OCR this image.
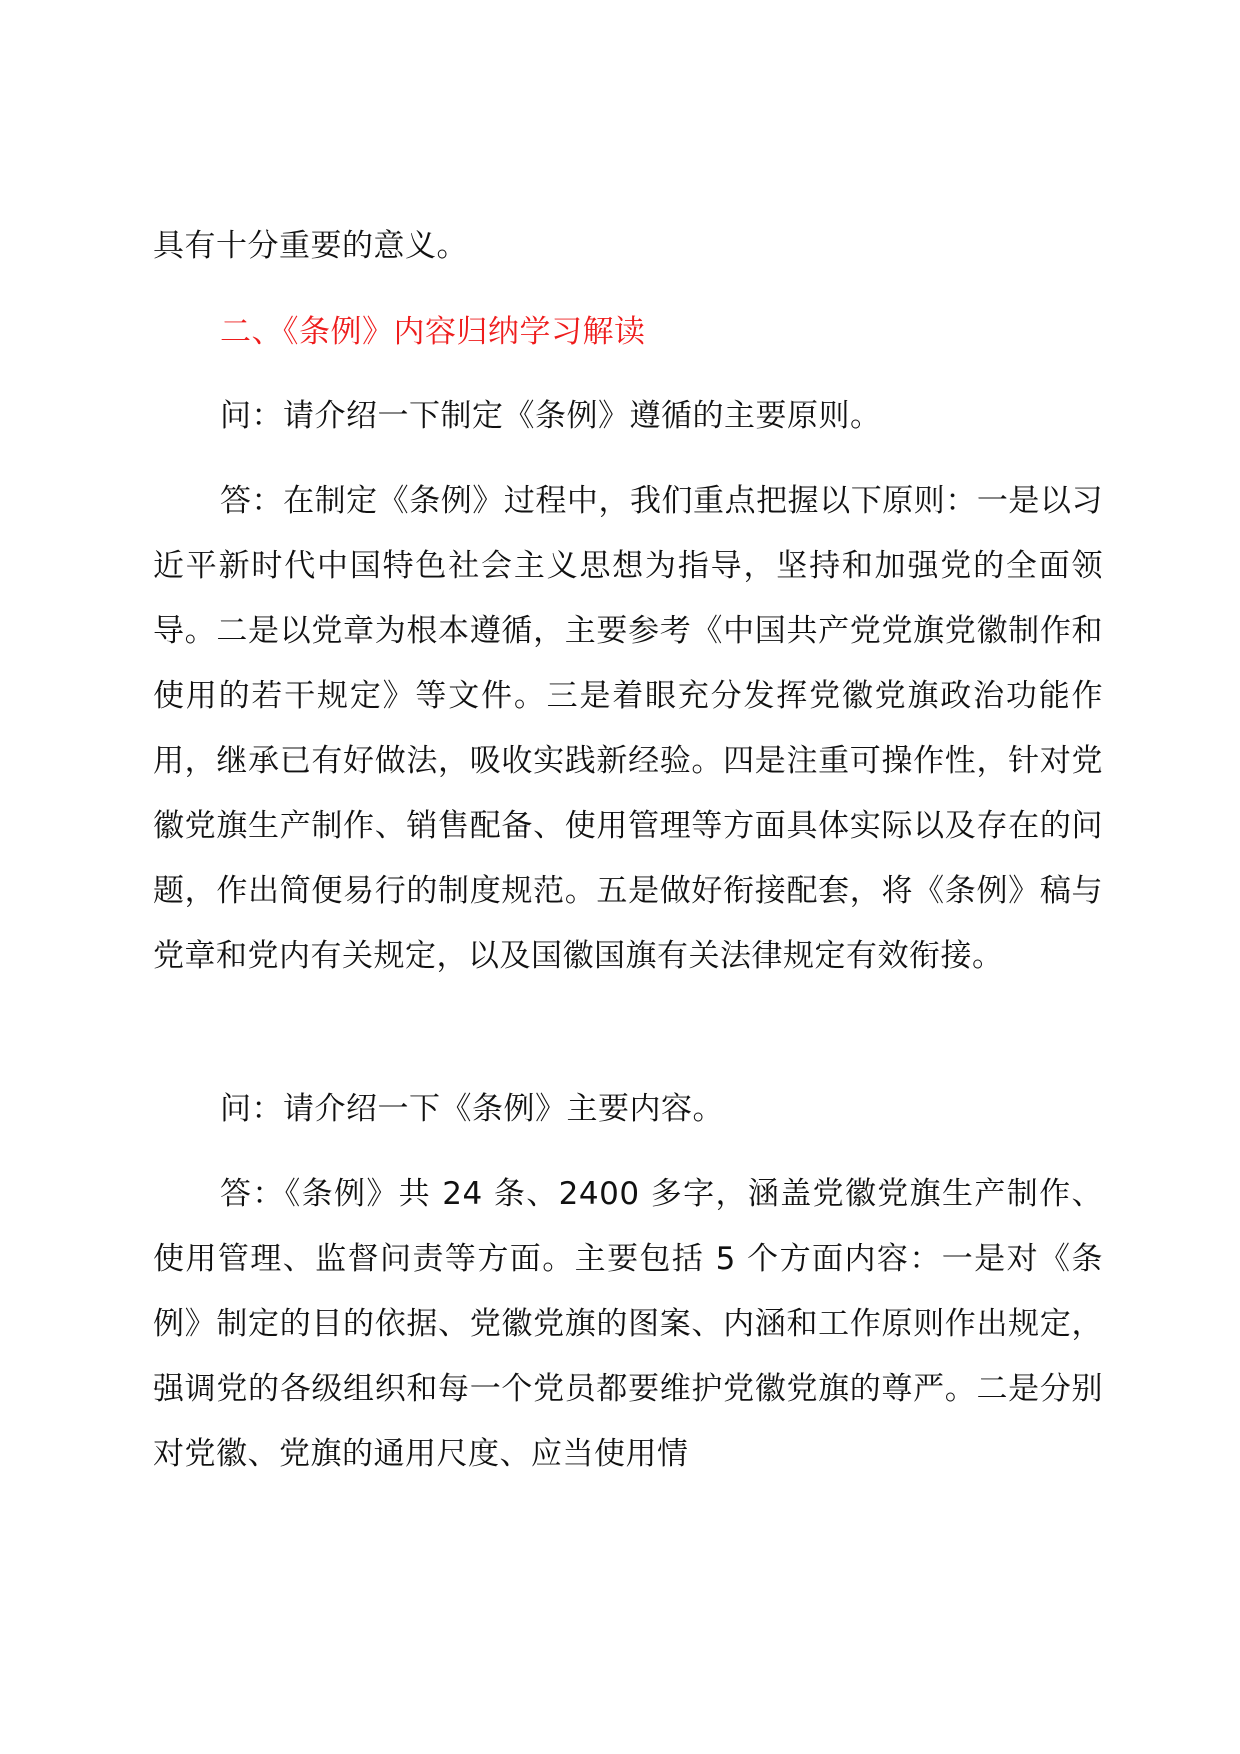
具有十分重要的意义。
二、《条例》内容归纳学习解读
问：请介绍一下制定《条例》遵循的主要原则。
答：在制定《条例》过程中，我们重点把握以下原则：一是以习近平新时代中国特色社会主义思想为指导，坚持和加强党的全面领导。二是以党章为根本遵循，主要参考《中国共产党党旗党徽制作和使用的若干规定》等文件。三是着眼充分发挥党徽党旗政治功能作用，继承已有好做法，吸收实践新经验。四是注重可操作性，针对党徽党旗生产制作、销售配备、使用管理等方面具体实际以及存在的问题，作出简便易行的制度规范。五是做好衔接配套，将《条例》稿与党章和党内有关规定，以及国徽国旗有关法律规定有效衔接。
问：请介绍一下《条例》主要内容。
答：《条例》共 24 条、2400 多字，涵盖党徽党旗生产制作、使用管理、监督问责等方面。主要包括 5 个方面内容：一是对《条例》制定的目的依据、党徽党旗的图案、内涵和工作原则作出规定，强调党的各级组织和每一个党员都要维护党徽党旗的尊严。二是分别对党徽、党旗的通用尺度、应当使用情
